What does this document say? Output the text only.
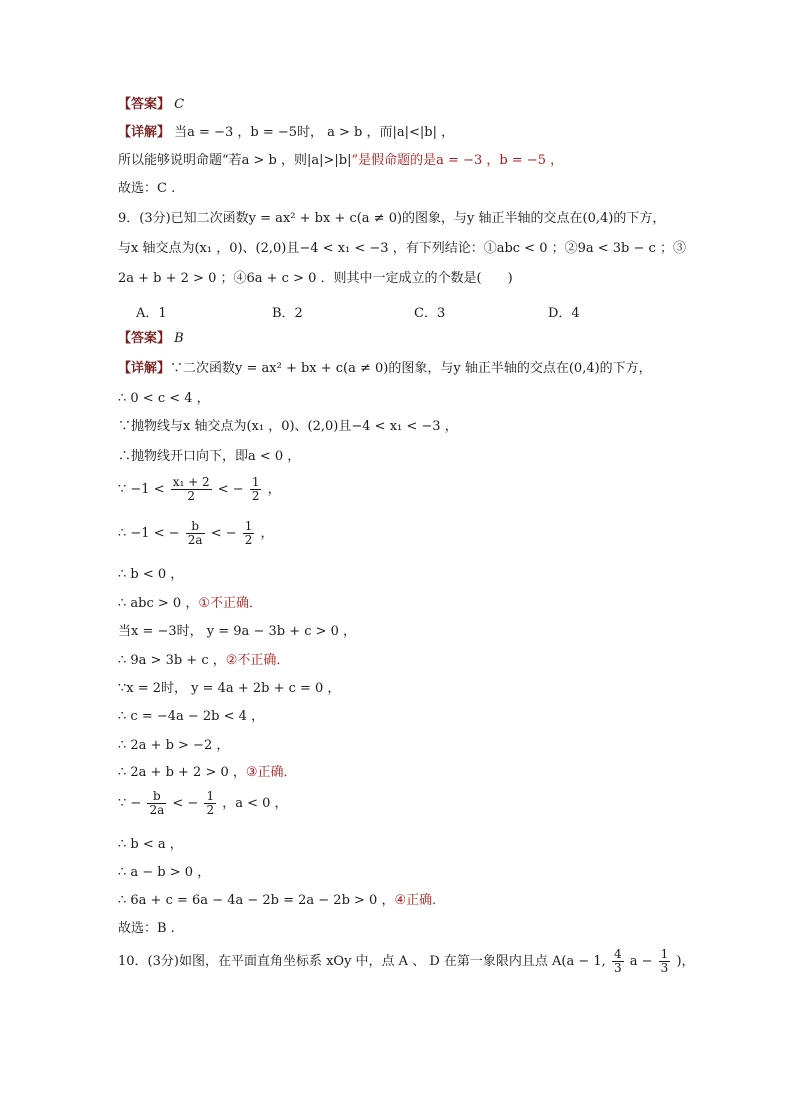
【答案】 C
【详解】 当a = −3 ，b = −5时， a > b ，而|a|<|b| ，
所以能够说明命题“若a > b ，则|a|>|b|”是假命题的是a = −3 ，b = −5 ，
故选：C .
9．(3分)已知二次函数y = ax² + bx + c(a ≠ 0)的图象，与y 轴正半轴的交点在(0,4)的下方，
与x 轴交点为(x₁ ，0)、(2,0)且−4 < x₁ < −3 ，有下列结论：①abc < 0 ；②9a < 3b − c ；③
2a + b + 2 > 0 ；④6a + c > 0 ．则其中一定成立的个数是(　　)
A．1	B．2	C．3	D．4
【答案】 B
【详解】∵二次函数y = ax² + bx + c(a ≠ 0)的图象，与y 轴正半轴的交点在(0,4)的下方，
∴ 0 < c < 4 ，
∵抛物线与x 轴交点为(x₁ ，0)、(2,0)且−4 < x₁ < −3 ，
∴抛物线开口向下，即a < 0 ，
∵ $-1 < \frac{\text{x₁ + 2}}{2}$ < − $\frac{1}{2}$ ，
∴ −1 < − $\frac{b}{2a}$ < − $\frac{1}{2}$ ，
∴ b < 0 ，
∴ abc > 0 ，①不正确．
当x = −3时， y = 9a − 3b + c > 0 ，
∴ 9a > 3b + c ，②不正确．
∵x = 2时， y = 4a + 2b + c = 0 ，
∴ c = −4a − 2b < 4 ，
∴ 2a + b > −2 ，
∴ 2a + b + 2 > 0 ，③正确．
∵ − $\frac{b}{2a}$ < − $\frac{1}{2}$ ，a < 0 ，
∴ b < a ，
∴ a − b > 0 ，
∴ 6a + c = 6a − 4a − 2b = 2a − 2b > 0 ，④正确．
故选：B .
10．(3分)如图，在平面直角坐标系 xOy 中，点 A 、 D 在第一象限内且点 A(a − 1, $\frac{4}{3}$ $a - \frac{1}{3}$ )，
